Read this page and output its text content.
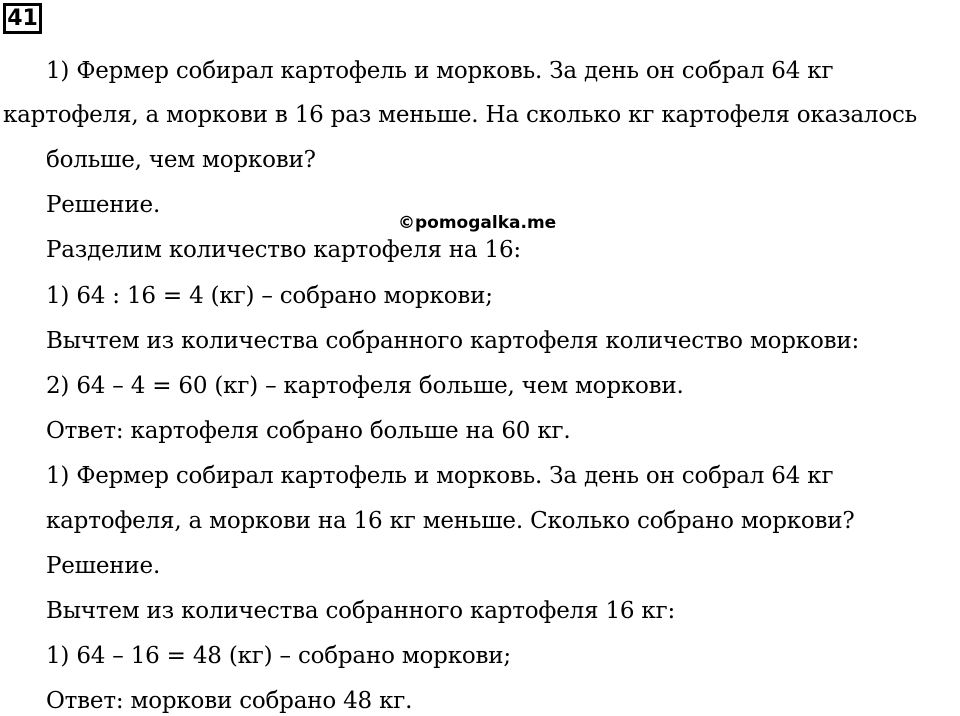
41
1) Фермер собирал картофель и морковь. За день он собрал 64 кг
картофеля, а моркови в 16 раз меньше. На сколько кг картофеля оказалось
больше, чем моркови?
Решение.
©pomogalka.me
Разделим количество картофеля на 16:
1) 64 : 16 = 4 (кг) – собрано моркови;
Вычтем из количества собранного картофеля количество моркови:
2) 64 – 4 = 60 (кг) – картофеля больше, чем моркови.
Ответ: картофеля собрано больше на 60 кг.
1) Фермер собирал картофель и морковь. За день он собрал 64 кг
картофеля, а моркови на 16 кг меньше. Сколько собрано моркови?
Решение.
Вычтем из количества собранного картофеля 16 кг:
1) 64 – 16 = 48 (кг) – собрано моркови;
Ответ: моркови собрано 48 кг.
